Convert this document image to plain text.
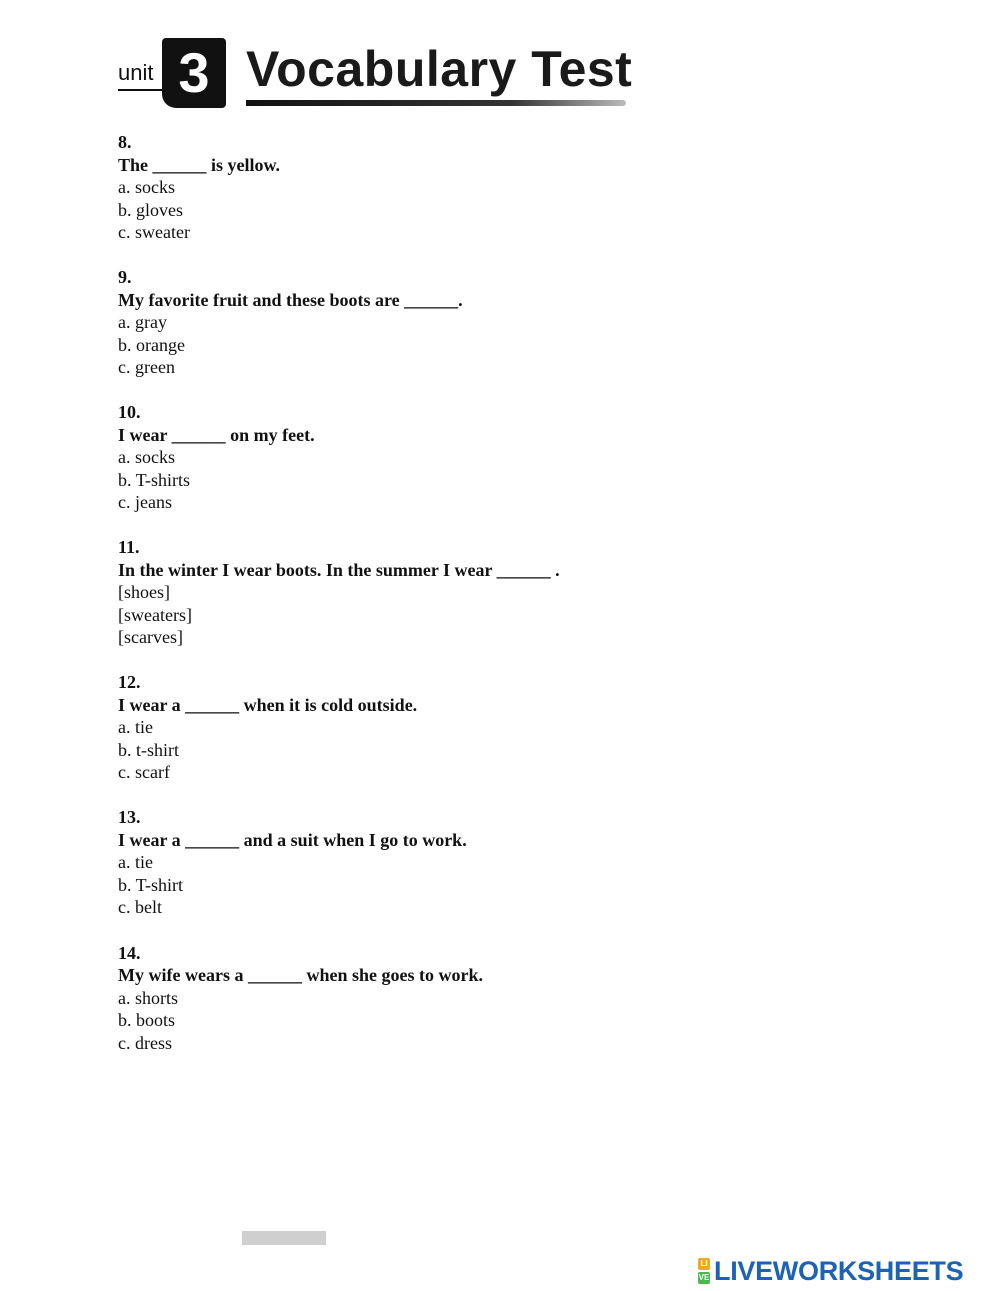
unit 3 Vocabulary Test
8.
The ______ is yellow.
a. socks
b. gloves
c. sweater
9.
My favorite fruit and these boots are ______.
a. gray
b. orange
c. green
10.
I wear ______ on my feet.
a. socks
b. T-shirts
c. jeans
11.
In the winter I wear boots. In the summer I wear ______ .
[shoes]
[sweaters]
[scarves]
12.
I wear a ______ when it is cold outside.
a. tie
b. t-shirt
c. scarf
13.
I wear a ______ and a suit when I go to work.
a. tie
b. T-shirt
c. belt
14.
My wife wears a ______ when she goes to work.
a. shorts
b. boots
c. dress
LI
VE LIVEWORKSHEETS
